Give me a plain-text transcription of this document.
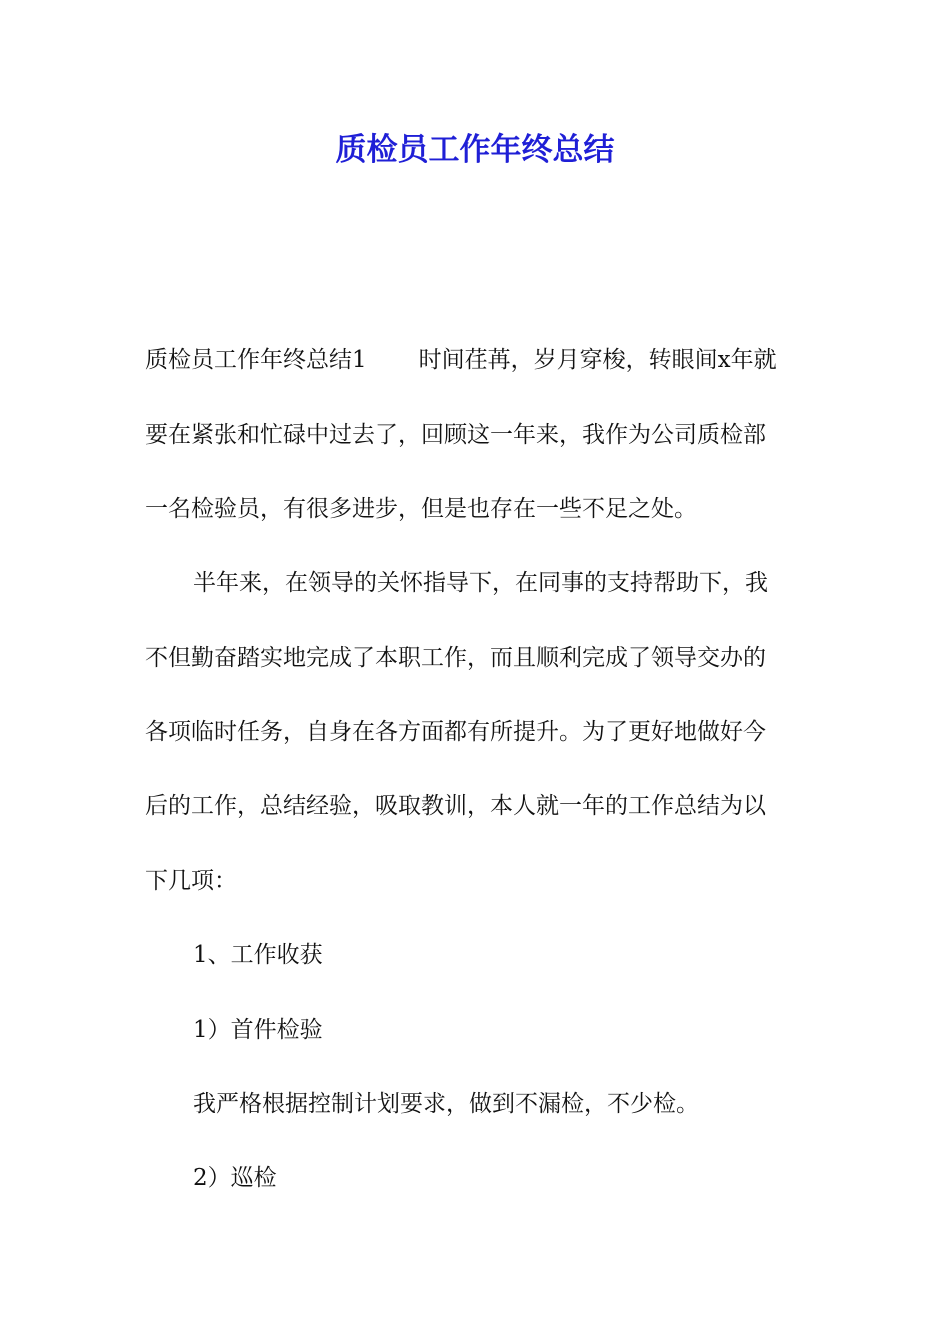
质检员工作年终总结

质检员工作年终总结1 时间荏苒，岁月穿梭，转眼间x年就

要在紧张和忙碌中过去了，回顾这一年来，我作为公司质检部

一名检验员，有很多进步，但是也存在一些不足之处。

半年来，在领导的关怀指导下，在同事的支持帮助下，我

不但勤奋踏实地完成了本职工作，而且顺利完成了领导交办的

各项临时任务，自身在各方面都有所提升。为了更好地做好今

后的工作，总结经验，吸取教训，本人就一年的工作总结为以

下几项：

1、工作收获

1）首件检验

我严格根据控制计划要求，做到不漏检，不少检。

2）巡检
